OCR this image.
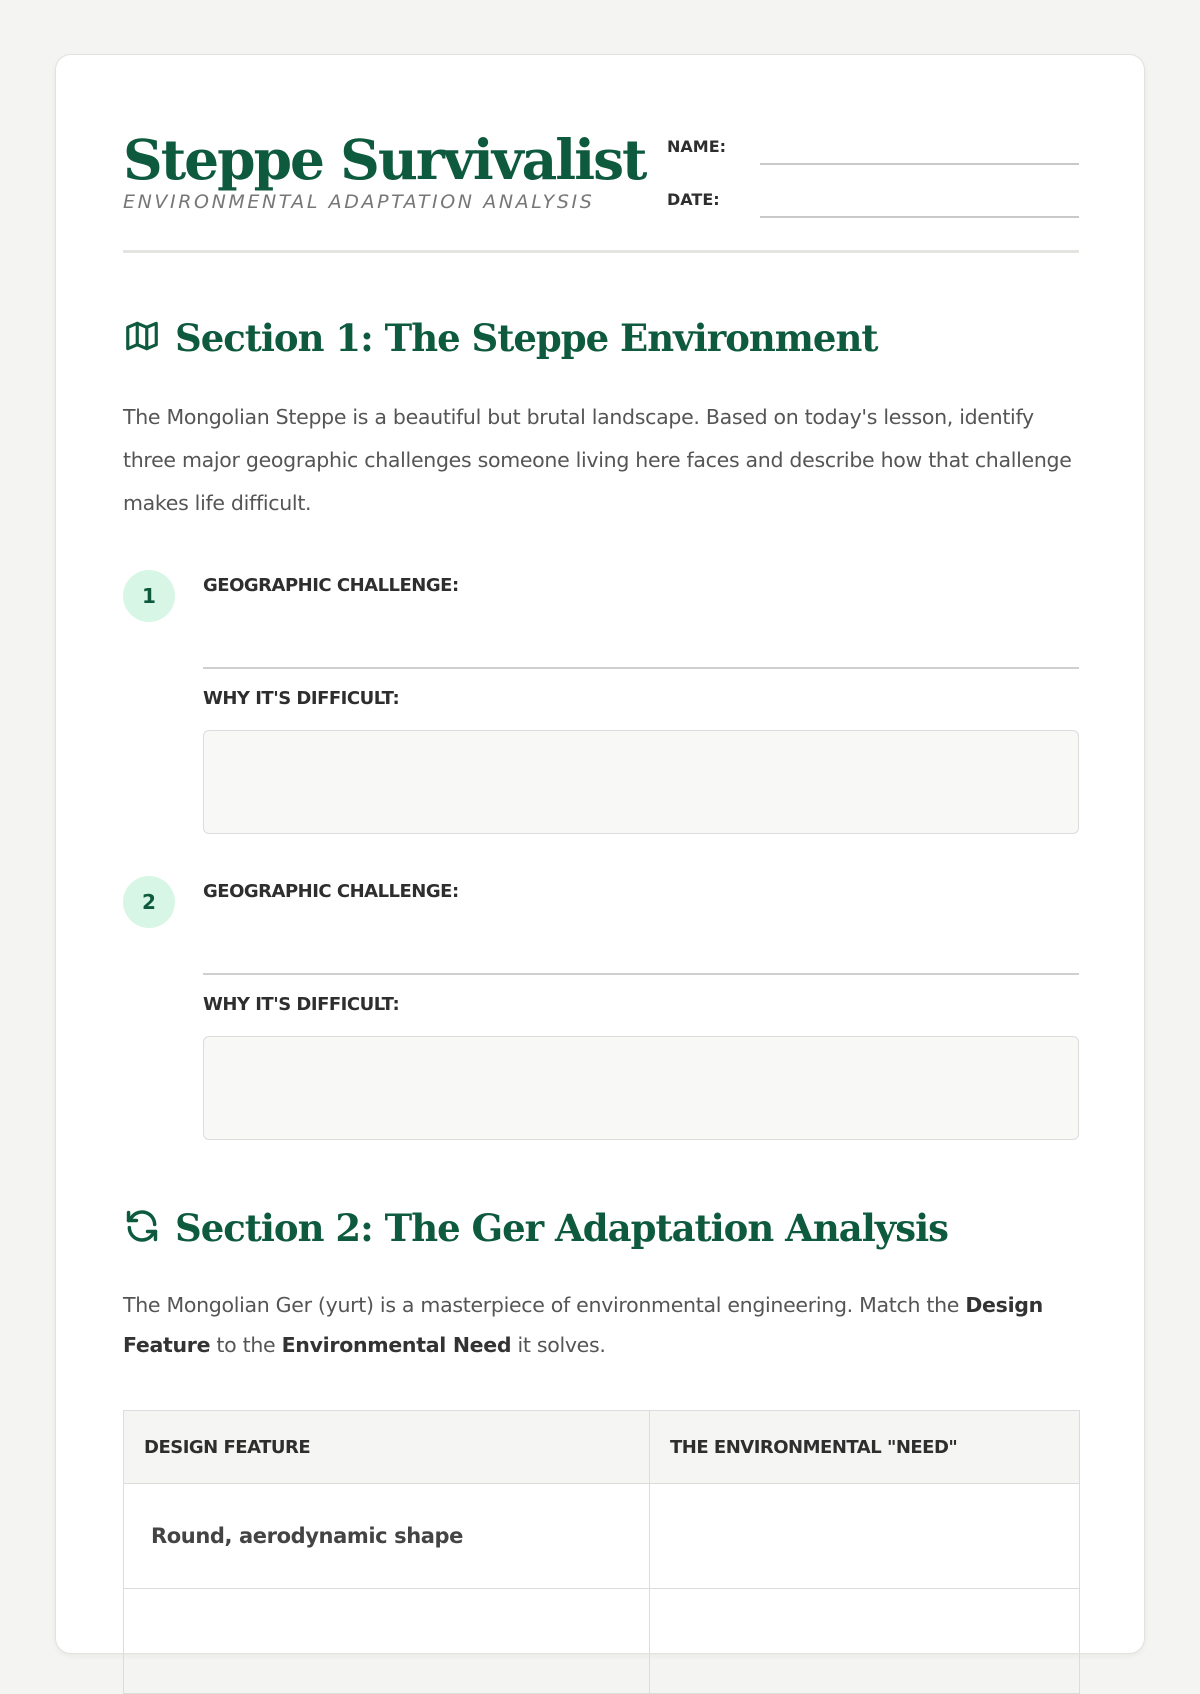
Steppe Survivalist
ENVIRONMENTAL ADAPTATION ANALYSIS
NAME:
DATE:
Section 1: The Steppe Environment

The Mongolian Steppe is a beautiful but brutal landscape. Based on today's lesson, identify three major geographic challenges someone living here faces and describe how that challenge makes life difficult.

1	GEOGRAPHIC CHALLENGE:
WHY IT'S DIFFICULT:
2	GEOGRAPHIC CHALLENGE:
WHY IT'S DIFFICULT:
Section 2: The Ger Adaptation Analysis

The Mongolian Ger (yurt) is a masterpiece of environmental engineering. Match the Design Feature to the Environmental Need it solves.

DESIGN FEATURE	THE ENVIRONMENTAL "NEED"
Round, aerodynamic shape	
